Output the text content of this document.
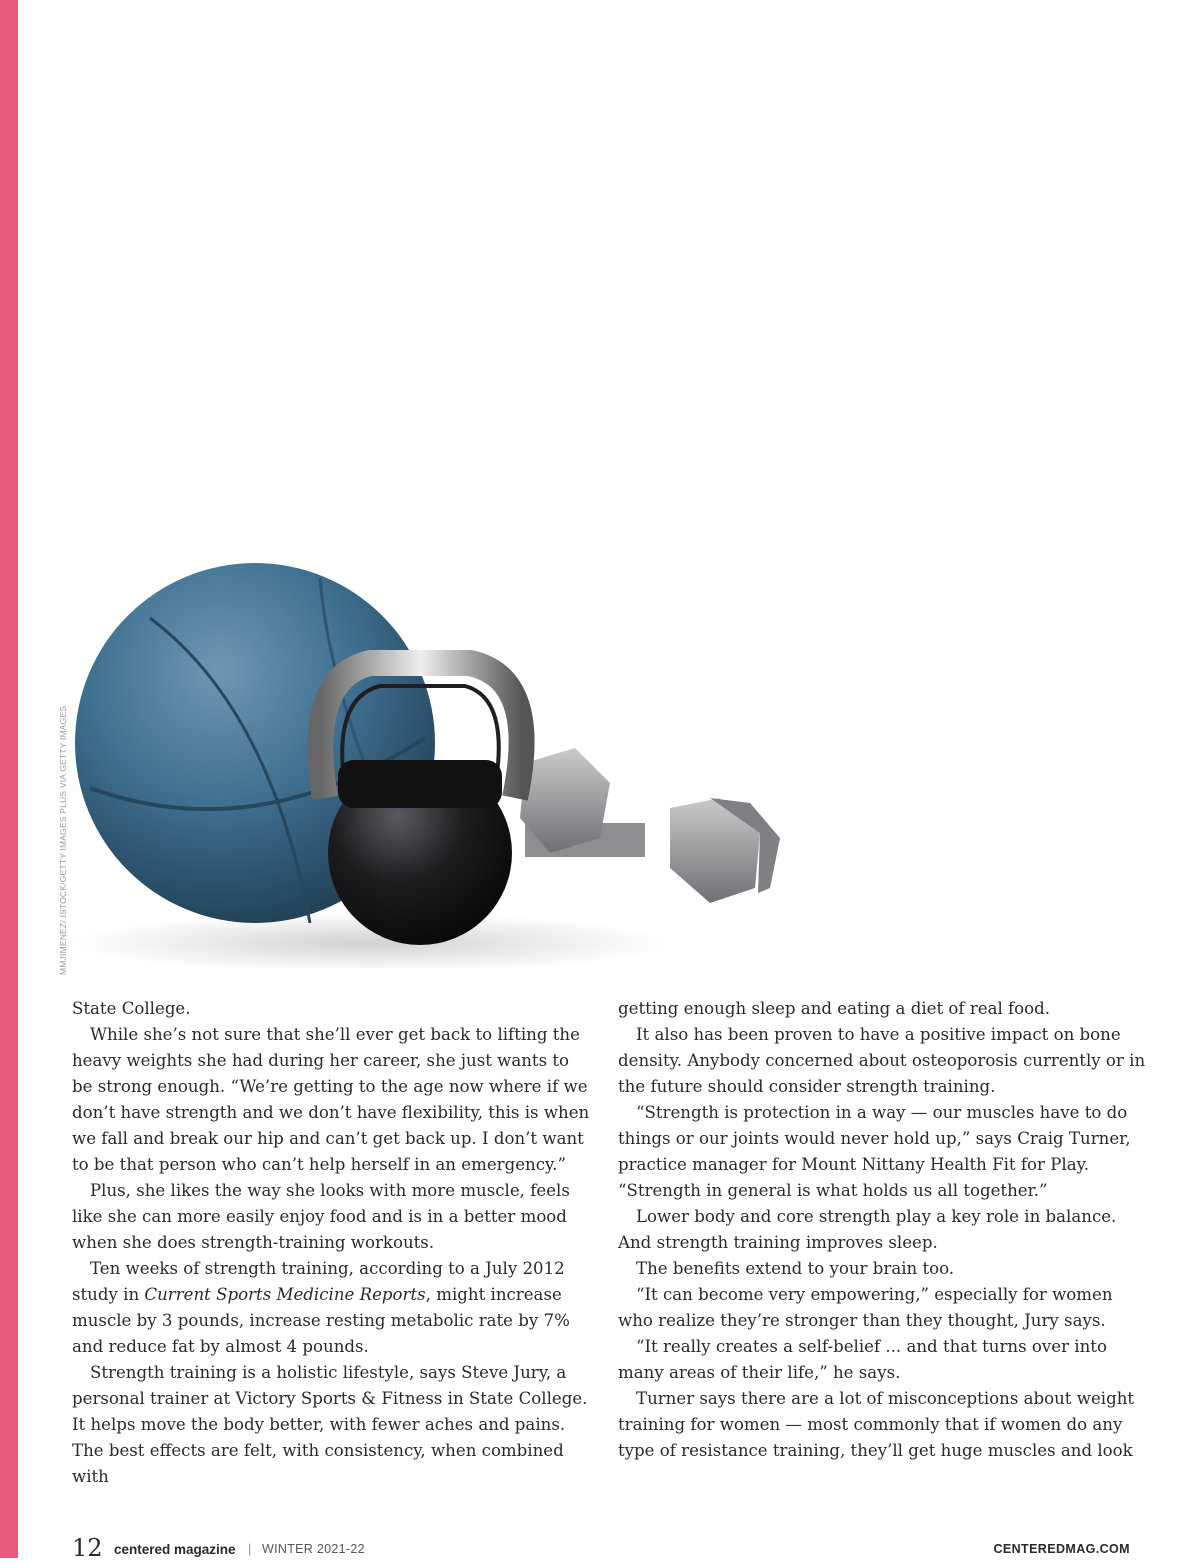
MMJIMENEZ/ ISTOCK/GETTY IMAGES PLUS VIA GETTY IMAGES

State College.

While she’s not sure that she’ll ever get back to lifting the heavy weights she had during her career, she just wants to be strong enough. “We’re getting to the age now where if we don’t have strength and we don’t have flexibility, this is when we fall and break our hip and can’t get back up. I don’t want to be that person who can’t help herself in an emergency.”

Plus, she likes the way she looks with more muscle, feels like she can more easily enjoy food and is in a better mood when she does strength-training workouts.

Ten weeks of strength training, according to a July 2012 study in Current Sports Medicine Reports, might increase muscle by 3 pounds, increase resting metabolic rate by 7% and reduce fat by almost 4 pounds.

Strength training is a holistic lifestyle, says Steve Jury, a personal trainer at Victory Sports & Fitness in State College. It helps move the body better, with fewer aches and pains. The best effects are felt, with consistency, when combined with

getting enough sleep and eating a diet of real food.

It also has been proven to have a positive impact on bone density. Anybody concerned about osteoporosis currently or in the future should consider strength training.

“Strength is protection in a way — our muscles have to do things or our joints would never hold up,” says Craig Turner, practice manager for Mount Nittany Health Fit for Play. “Strength in general is what holds us all together.”

Lower body and core strength play a key role in balance. And strength training improves sleep.

The benefits extend to your brain too.

“It can become very empowering,” especially for women who realize they’re stronger than they thought, Jury says.

“It really creates a self-belief ... and that turns over into many areas of their life,” he says.

Turner says there are a lot of misconceptions about weight training for women — most commonly that if women do any type of resistance training, they’ll get huge muscles and look

12 centered magazine | WINTER 2021-22	CENTEREDMAG.COM
